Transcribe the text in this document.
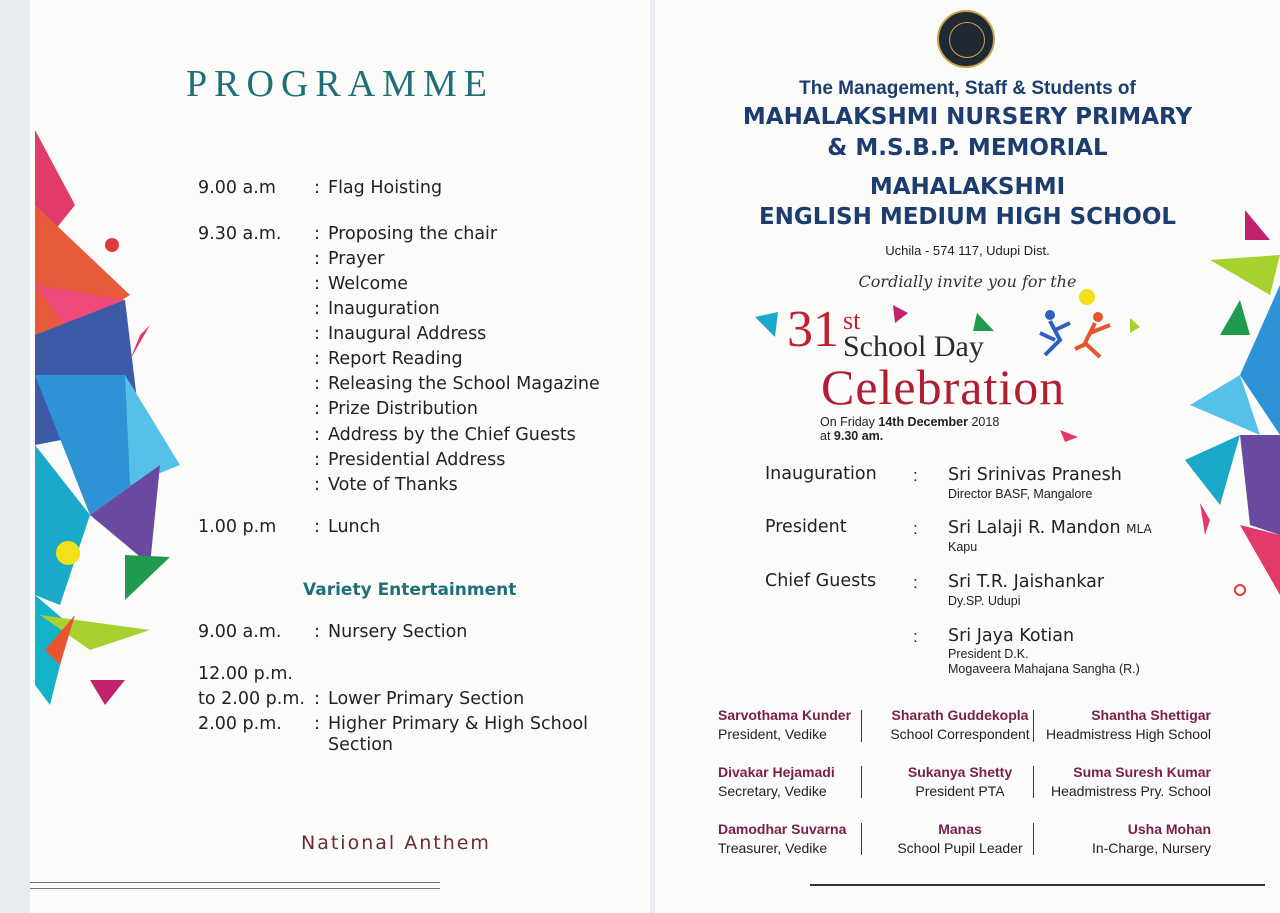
PROGRAMME
9.00 a.m : Flag Hoisting
9.30 a.m. : Proposing the chair
: Prayer
: Welcome
: Inauguration
: Inaugural Address
: Report Reading
: Releasing the School Magazine
: Prize Distribution
: Address by the Chief Guests
: Presidential Address
: Vote of Thanks
1.00 p.m : Lunch
Variety Entertainment
9.00 a.m. : Nursery Section
12.00 p.m.
to 2.00 p.m. : Lower Primary Section
2.00 p.m. : Higher Primary & High School
Section
National Anthem
The Management, Staff & Students of
MAHALAKSHMI NURSERY PRIMARY
& M.S.B.P. MEMORIAL
MAHALAKSHMI
ENGLISH MEDIUM HIGH SCHOOL
Uchila - 574 117, Udupi Dist.
Cordially invite you for the
31 st
School Day
Celebration
On Friday 14th December 2018
at 9.30 am.
Inauguration : Sri Srinivas Pranesh
Director BASF, Mangalore
President	: Sri Lalaji R. Mandon MLA
Kapu
Chief Guests : Sri T.R. Jaishankar
Dy.SP. Udupi
: Sri Jaya Kotian
President D.K.
Mogaveera Mahajana Sangha (R.)
Sarvothama Kunder
President, Vedike
Sharath Guddekopla
School Correspondent
Shantha Shettigar
Headmistress High School
Divakar Hejamadi
Secretary, Vedike
Sukanya Shetty
President PTA
Suma Suresh Kumar
Headmistress Pry. School
Damodhar Suvarna
Treasurer, Vedike
Manas
School Pupil Leader
Usha Mohan
In-Charge, Nursery
